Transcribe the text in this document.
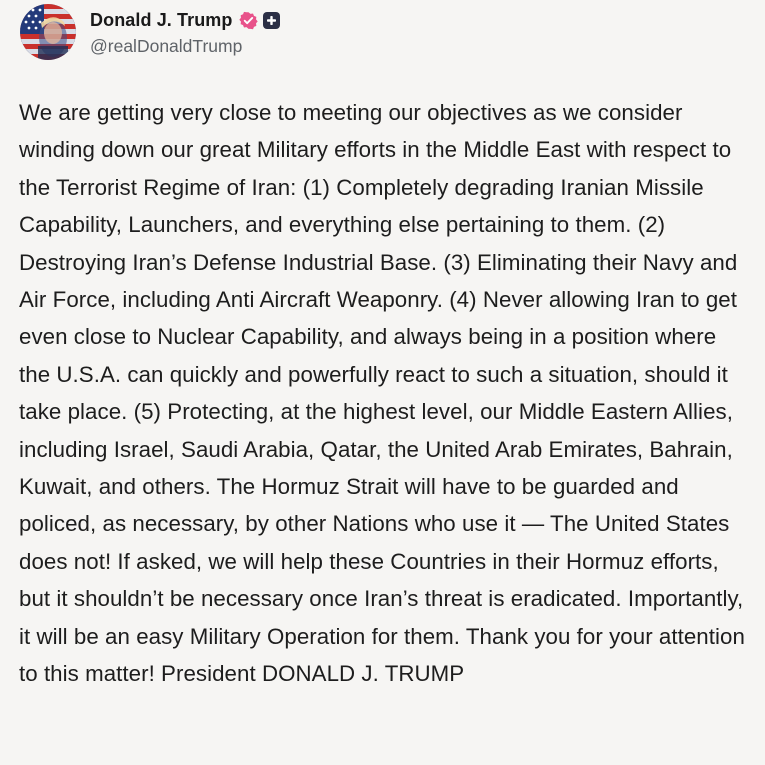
Donald J. Trump
@realDonaldTrump

We are getting very close to meeting our objectives as we consider winding down our great Military efforts in the Middle East with respect to the Terrorist Regime of Iran: (1) Completely degrading Iranian Missile Capability, Launchers, and everything else pertaining to them. (2) Destroying Iran’s Defense Industrial Base. (3) Eliminating their Navy and Air Force, including Anti Aircraft Weaponry. (4) Never allowing Iran to get even close to Nuclear Capability, and always being in a position where the U.S.A. can quickly and powerfully react to such a situation, should it take place. (5) Protecting, at the highest level, our Middle Eastern Allies, including Israel, Saudi Arabia, Qatar, the United Arab Emirates, Bahrain, Kuwait, and others. The Hormuz Strait will have to be guarded and policed, as necessary, by other Nations who use it — The United States does not! If asked, we will help these Countries in their Hormuz efforts, but it shouldn’t be necessary once Iran’s threat is eradicated. Importantly, it will be an easy Military Operation for them. Thank you for your attention to this matter! President DONALD J. TRUMP
